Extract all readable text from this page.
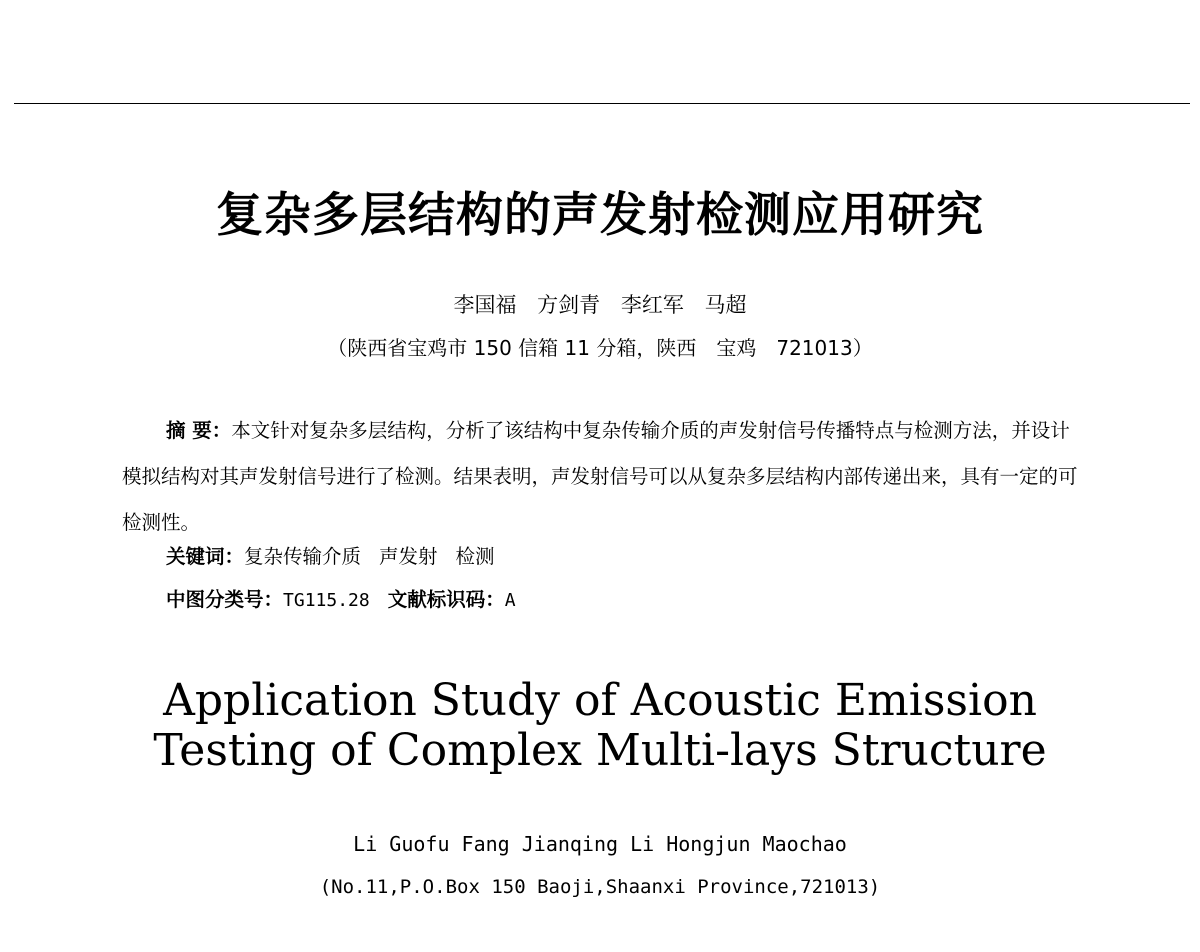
复杂多层结构的声发射检测应用研究
李国福 方剑青 李红军 马超
（陕西省宝鸡市 150 信箱 11 分箱，陕西　宝鸡　721013）

摘 要：本文针对复杂多层结构，分析了该结构中复杂传输介质的声发射信号传播特点与检测方法，并设计模拟结构对其声发射信号进行了检测。结果表明，声发射信号可以从复杂多层结构内部传递出来，具有一定的可检测性。

关键词：复杂传输介质 声发射 检测
中图分类号：TG115.28 文献标识码：A
Application Study of Acoustic Emission
Testing of Complex Multi-lays Structure
Li Guofu Fang Jianqing Li Hongjun Maochao
(No.11,P.O.Box 150 Baoji,Shaanxi Province,721013)
